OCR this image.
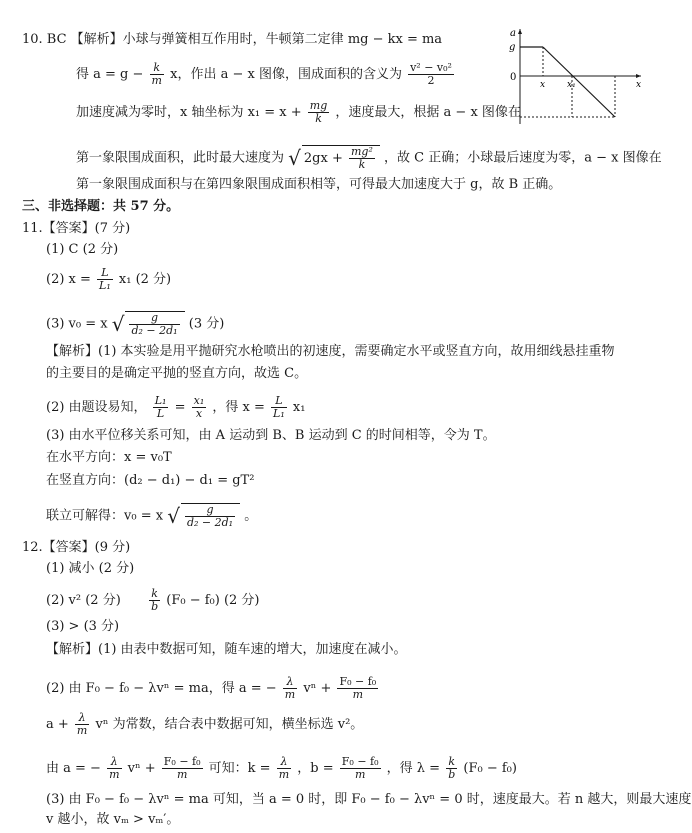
10. BC 【解析】小球与弹簧相互作用时，牛顿第二定律 mg − kx = ma
得 $a = g - \frac{k}{m}$ x，作出 a − x 图像，围成面积的含义为 $\frac{\text{v² − v₀²}}{2}$
加速度减为零时，x 轴坐标为 $x_1 = x + \frac{mg}{k}$ ，速度最大，根据 a − x 图像在
第一象限围成面积，此时最大速度为 √ $2gx + \frac{\text{mg²}}{k}$ ，故 C 正确；小球最后速度为零，a − x 图像在
第一象限围成面积与在第四象限围成面积相等，可得最大加速度大于 g，故 B 正确。
a
g
0
x x₁	x
三、非选择题：共 57 分。
11.【答案】(7 分)
(1) C (2 分)
(2) $x = \frac{L}{\text{L₁}} x_1$ (2 分)
(3) v₀ = x √ $\frac{g}{\text{d₂ − 2d₁}} (3$ 分)
【解析】(1) 本实验是用平抛研究水枪喷出的初速度，需要确定水平或竖直方向，故用细线悬挂重物
的主要目的是确定平抛的竖直方向，故选 C。
(2) 由题设易知， $\frac{\text{L₁}}{L} = \frac{\text{x₁}}{x}$ ，得 $x = \frac{L}{\text{L₁}} x_1$
(3) 由水平位移关系可知，由 A 运动到 B、B 运动到 C 的时间相等，令为 T。
在水平方向：x = v₀T
在竖直方向：(d₂ − d₁) − d₁ = gT²
联立可解得：v₀ = x √ $\frac{g}{\text{d₂ − 2d₁}}$ 。
12.【答案】(9 分)
(1) 减小 (2 分)
(2) v² (2 分)	$\frac{k}{b} (F_0 - f_0)$ (2 分)
(3) > (3 分)
【解析】(1) 由表中数据可知，随车速的增大，加速度在减小。
(2) 由 F₀ − f₀ − λvⁿ = ma，得 a = − $\frac{\lambda}{m}$ $v^n + \frac{\text{F₀ − f₀}}{m}$
$a + \frac{\lambda}{m}$ vⁿ 为常数，结合表中数据可知，横坐标选 v²。
由 a = − $\frac{\lambda}{m}$ $v^n + \frac{\text{F₀ − f₀}}{m}$ 可知：$k = \frac{\lambda}{m}$ ，$b = \frac{\text{F₀ − f₀}}{m}$ ，得 $\lambda = \frac{k}{b} (F_0 - f_0)$
(3) 由 F₀ − f₀ − λvⁿ = ma 可知，当 a = 0 时，即 F₀ − f₀ − λvⁿ = 0 时，速度最大。若 n 越大，则最大速度
v 越小，故 vₘ > vₘ′。
